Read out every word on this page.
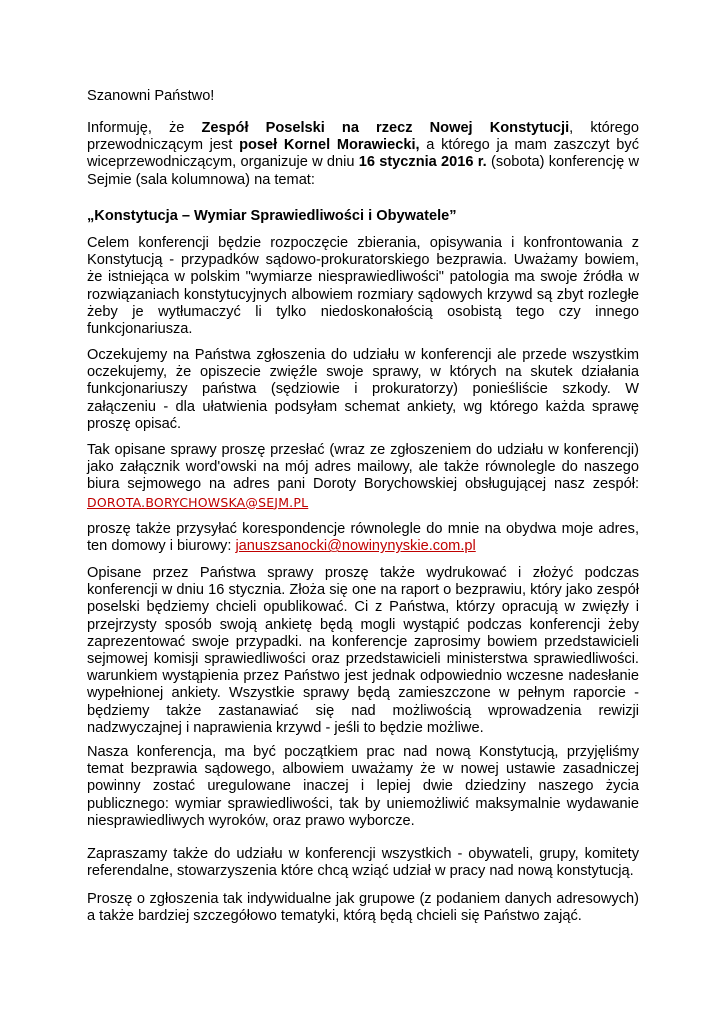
Szanowni Państwo!

Informuję, że Zespół Poselski na rzecz Nowej Konstytucji, którego przewodniczącym jest poseł Kornel Morawiecki, a którego ja mam zaszczyt być wiceprzewodniczącym, organizuje w dniu 16 stycznia 2016 r. (sobota) konferencję w Sejmie (sala kolumnowa) na temat:

„Konstytucja – Wymiar Sprawiedliwości i Obywatele”

Celem konferencji będzie rozpoczęcie zbierania, opisywania i konfrontowania z Konstytucją - przypadków sądowo-prokuratorskiego bezprawia. Uważamy bowiem, że istniejąca w polskim "wymiarze niesprawiedliwości" patologia ma swoje źródła w rozwiązaniach konstytucyjnych albowiem rozmiary sądowych krzywd są zbyt rozległe żeby je wytłumaczyć li tylko niedoskonałością osobistą tego czy innego funkcjonariusza.

Oczekujemy na Państwa zgłoszenia do udziału w konferencji ale przede wszystkim oczekujemy, że opiszecie zwięźle swoje sprawy, w których na skutek działania funkcjonariuszy państwa (sędziowie i prokuratorzy) ponieśliście szkody. W załączeniu - dla ułatwienia podsyłam schemat ankiety, wg którego każda sprawę proszę opisać.

Tak opisane sprawy proszę przesłać (wraz ze zgłoszeniem do udziału w konferencji) jako załącznik word'owski na mój adres mailowy, ale także równolegle do naszego biura sejmowego na adres pani Doroty Borychowskiej obsługującej nasz zespół: DOROTA.BORYCHOWSKA@SEJM.PL

proszę także przysyłać korespondencje równolegle do mnie na obydwa moje adres, ten domowy i biurowy: januszsanocki@nowinynyskie.com.pl

Opisane przez Państwa sprawy proszę także wydrukować i złożyć podczas konferencji w dniu 16 stycznia. Złoża się one na raport o bezprawiu, który jako zespół poselski będziemy chcieli opublikować. Ci z Państwa, którzy opracują w zwięzły i przejrzysty sposób swoją ankietę będą mogli wystąpić podczas konferencji żeby zaprezentować swoje przypadki. na konferencje zaprosimy bowiem przedstawicieli sejmowej komisji sprawiedliwości oraz przedstawicieli ministerstwa sprawiedliwości. warunkiem wystąpienia przez Państwo jest jednak odpowiednio wczesne nadesłanie wypełnionej ankiety. Wszystkie sprawy będą zamieszczone w pełnym raporcie - będziemy także zastanawiać się nad możliwością wprowadzenia rewizji nadzwyczajnej i naprawienia krzywd - jeśli to będzie możliwe.

Nasza konferencja, ma być początkiem prac nad nową Konstytucją, przyjęliśmy temat bezprawia sądowego, albowiem uważamy że w nowej ustawie zasadniczej powinny zostać uregulowane inaczej i lepiej dwie dziedziny naszego życia publicznego: wymiar sprawiedliwości, tak by uniemożliwić maksymalnie wydawanie niesprawiedliwych wyroków, oraz prawo wyborcze.

Zapraszamy także do udziału w konferencji wszystkich - obywateli, grupy, komitety referendalne, stowarzyszenia które chcą wziąć udział w pracy nad nową konstytucją.

Proszę o zgłoszenia tak indywidualne jak grupowe (z podaniem danych adresowych) a także bardziej szczegółowo tematyki, którą będą chcieli się Państwo zająć.
